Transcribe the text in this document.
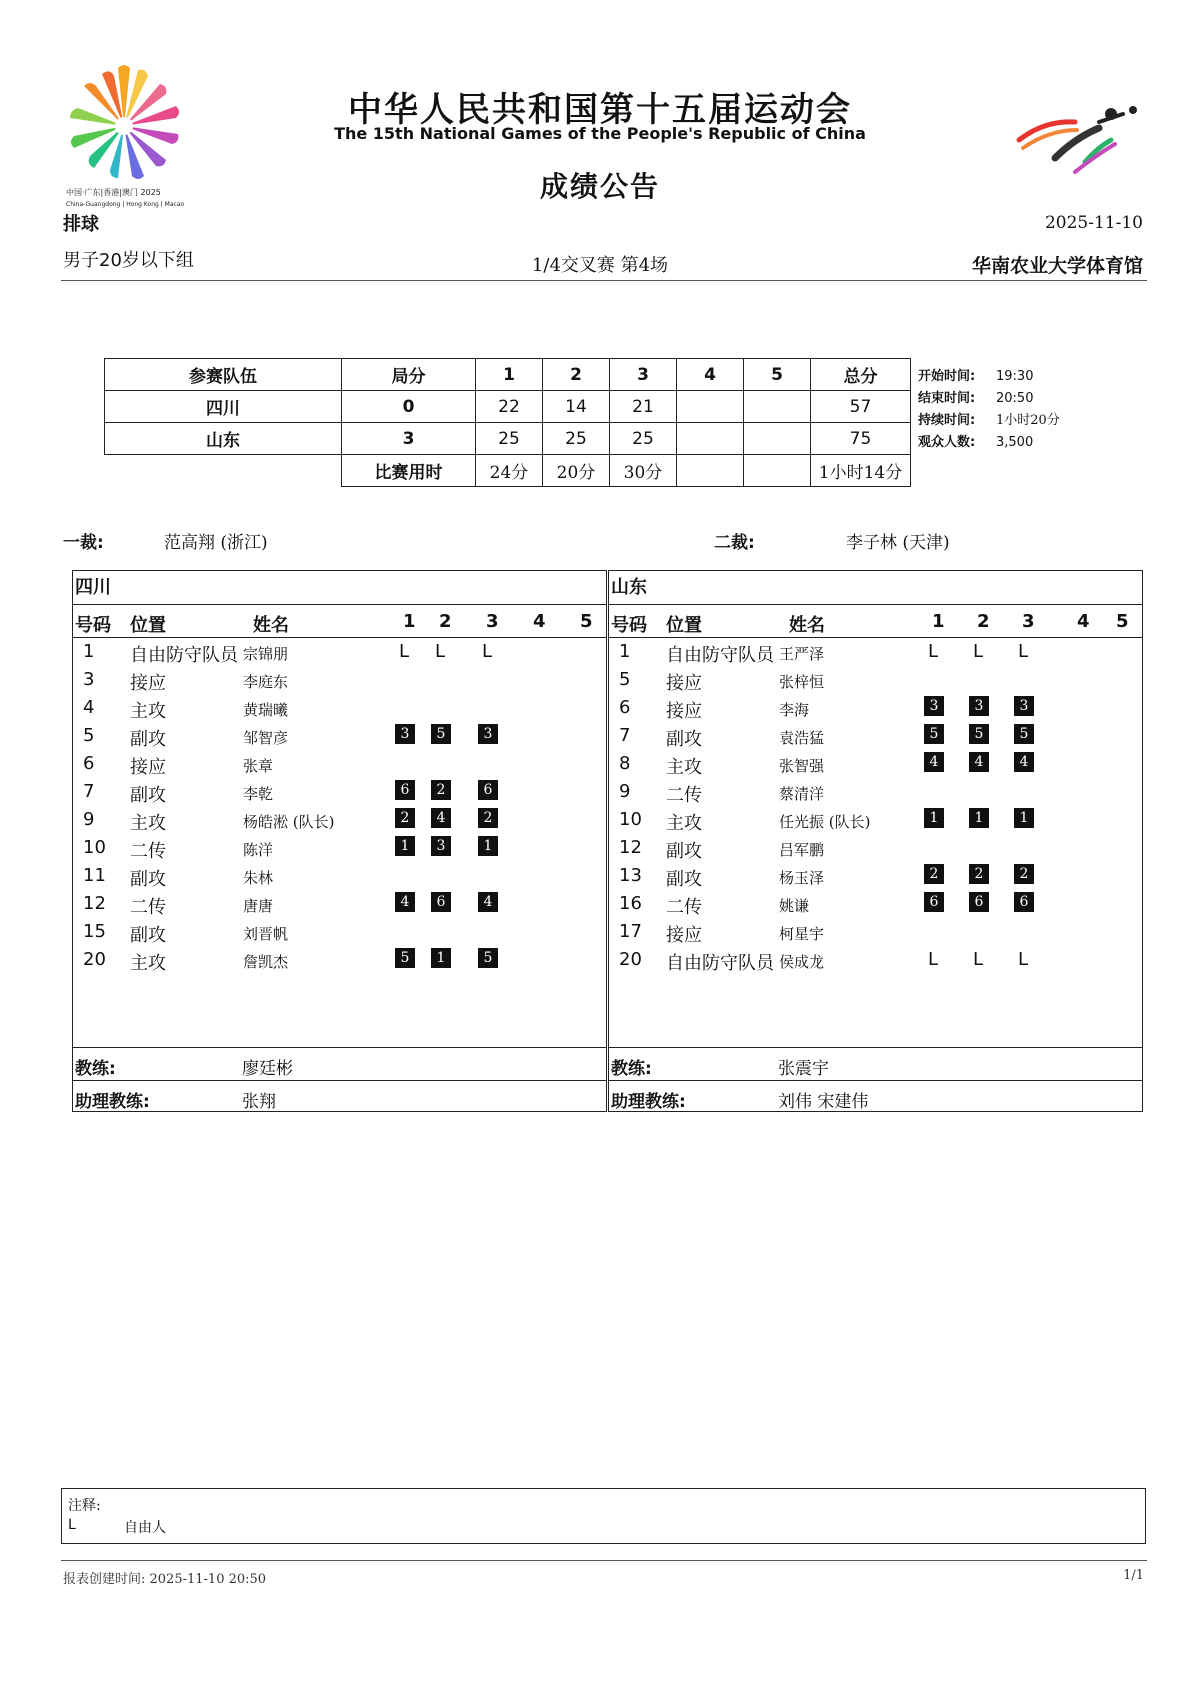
中国·广东|香港|澳门 2025
China-Guangdong | Hong Kong | Macao
中华人民共和国第十五届运动会
The 15th National Games of the People's Republic of China
成绩公告
排球	2025-11-10
男子20岁以下组	1/4交叉赛 第4场	华南农业大学体育馆
参赛队伍	局分	1	2	3	4	5	总分
四川	0	22	14	21			57
山东	3	25	25	25			75
	比赛用时	24分	20分	30分			1小时14分
开始时间: 19:30
结束时间: 20:50
持续时间: 1小时20分
观众人数: 3,500
一裁:	范高翔 (浙江)	二裁:	李子林 (天津)
四川
号码 位置	姓名	1 2 3 4 5
1 自由防守队员 宗锦朋	L L L
3 接应	李庭东
4 主攻	黄瑞曦
5 副攻	邹智彦	3	5	3
6 接应	张章
7 副攻	李乾	6	2	6
9 主攻	杨皓淞 (队长)	2	4	2
10 二传	陈洋	1	3	1
11 副攻	朱林
12 二传	唐唐	4	6	4
15 副攻	刘晋帆
20 主攻	詹凯杰	5	1	5
教练:	廖廷彬
助理教练:	张翔
山东
号码 位置	姓名	1 2 3 4 5
1 自由防守队员 王严泽	L L L
5 接应	张梓恒
6 接应	李海	3	3	3
7 副攻	袁浩猛	5	5	5
8 主攻	张智强	4	4	4
9 二传	蔡清洋
10 主攻	任光振 (队长)	1	1	1
12 副攻	吕军鹏
13 副攻	杨玉泽	2	2	2
16 二传	姚谦	6	6	6
17 接应	柯星宇
20 自由防守队员 侯成龙	L L L
教练:	张震宇
助理教练:	刘伟 宋建伟
注释:
L	自由人
报表创建时间: 2025-11-10 20:50	1/1
